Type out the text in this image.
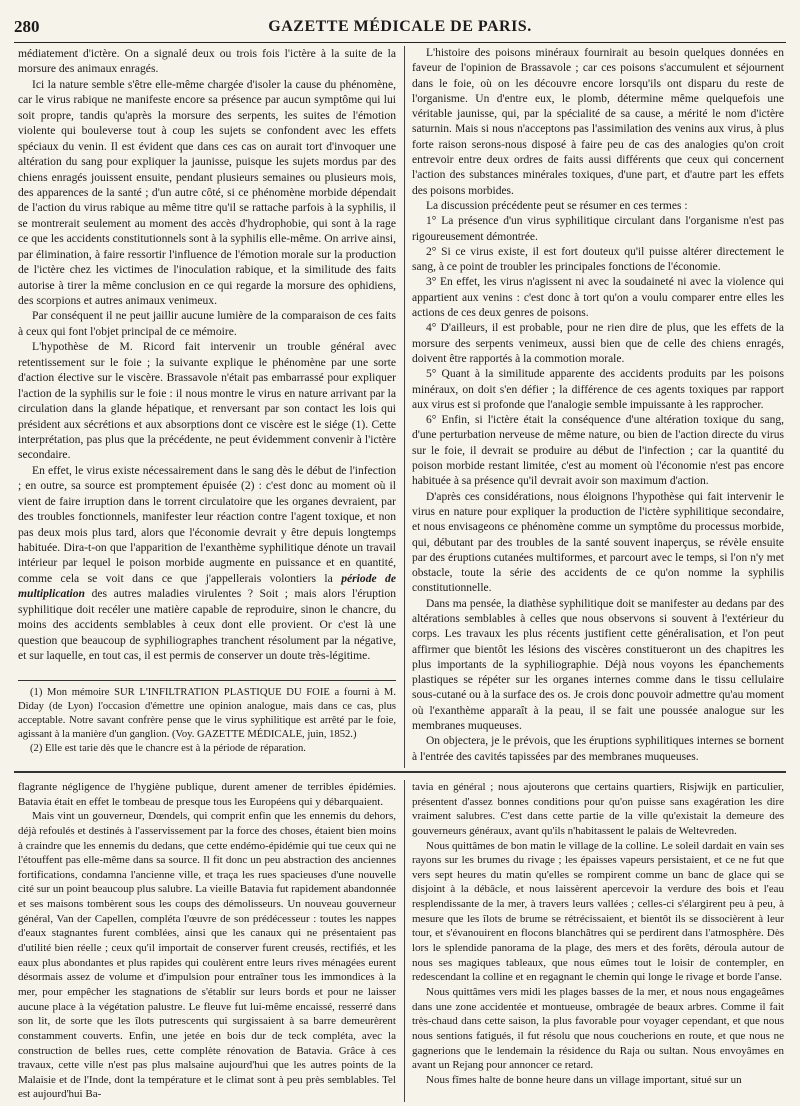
280	GAZETTE MÉDICALE DE PARIS.

médiatement d'ictère. On a signalé deux ou trois fois l'ictère à la suite de la morsure des animaux enragés.

Ici la nature semble s'être elle-même chargée d'isoler la cause du phénomène, car le virus rabique ne manifeste encore sa présence par aucun symptôme qui lui soit propre, tandis qu'après la morsure des serpents, les suites de l'émotion violente qui bouleverse tout à coup les sujets se confondent avec les effets spéciaux du venin. Il est évident que dans ces cas on aurait tort d'invoquer une altération du sang pour expliquer la jaunisse, puisque les sujets mordus par des chiens enragés jouissent ensuite, pendant plusieurs semaines ou plusieurs mois, des apparences de la santé ; d'un autre côté, si ce phénomène morbide dépendait de l'action du virus rabique au même titre qu'il se rattache parfois à la syphilis, il se montrerait seulement au moment des accès d'hydrophobie, qui sont à la rage ce que les accidents constitutionnels sont à la syphilis elle-même. On arrive ainsi, par élimination, à faire ressortir l'influence de l'émotion morale sur la production de l'ictère chez les victimes de l'inoculation rabique, et la similitude des faits autorise à tirer la même conclusion en ce qui regarde la morsure des ophidiens, des scorpions et autres animaux venimeux.

Par conséquent il ne peut jaillir aucune lumière de la comparaison de ces faits à ceux qui font l'objet principal de ce mémoire.

L'hypothèse de M. Ricord fait intervenir un trouble général avec retentissement sur le foie ; la suivante explique le phénomène par une sorte d'action élective sur le viscère. Brassavole n'était pas embarrassé pour expliquer l'action de la syphilis sur le foie : il nous montre le virus en nature arrivant par la circulation dans la glande hépatique, et renversant par son contact les lois qui président aux sécrétions et aux absorptions dont ce viscère est le siége (1). Cette interprétation, pas plus que la précédente, ne peut évidemment convenir à l'ictère secondaire.

En effet, le virus existe nécessairement dans le sang dès le début de l'infection ; en outre, sa source est promptement épuisée (2) : c'est donc au moment où il vient de faire irruption dans le torrent circulatoire que les organes devraient, par des troubles fonctionnels, manifester leur réaction contre l'agent toxique, et non pas deux mois plus tard, alors que l'économie devrait y être depuis longtemps habituée. Dira-t-on que l'apparition de l'exanthème syphilitique dénote un travail intérieur par lequel le poison morbide augmente en puissance et en quantité, comme cela se voit dans ce que j'appellerais volontiers la période de multiplication des autres maladies virulentes ? Soit ; mais alors l'éruption syphilitique doit recéler une matière capable de reproduire, sinon le chancre, du moins des accidents semblables à ceux dont elle provient. Or c'est là une question que beaucoup de syphiliographes tranchent résolument par la négative, et sur laquelle, en tout cas, il est permis de conserver un doute très-légitime.

(1) Mon mémoire SUR L'INFILTRATION PLASTIQUE DU FOIE a fourni à M. Diday (de Lyon) l'occasion d'émettre une opinion analogue, mais dans ce cas, plus acceptable. Notre savant confrère pense que le virus syphilitique est arrêté par le foie, agissant à la manière d'un ganglion. (Voy. GAZETTE MÉDICALE, juin, 1852.)

(2) Elle est tarie dès que le chancre est à la période de réparation.

L'histoire des poisons minéraux fournirait au besoin quelques données en faveur de l'opinion de Brassavole ; car ces poisons s'accumulent et séjournent dans le foie, où on les découvre encore lorsqu'ils ont disparu du reste de l'organisme. Un d'entre eux, le plomb, détermine même quelquefois une véritable jaunisse, qui, par la spécialité de sa cause, a mérité le nom d'ictère saturnin. Mais si nous n'acceptons pas l'assimilation des venins aux virus, à plus forte raison serons-nous disposé à faire peu de cas des analogies qu'on croit entrevoir entre deux ordres de faits aussi différents que ceux qui concernent l'action des substances minérales toxiques, d'une part, et d'autre part les effets des poisons morbides.

La discussion précédente peut se résumer en ces termes :

1° La présence d'un virus syphilitique circulant dans l'organisme n'est pas rigoureusement démontrée.

2° Si ce virus existe, il est fort douteux qu'il puisse altérer directement le sang, à ce point de troubler les principales fonctions de l'économie.

3° En effet, les virus n'agissent ni avec la soudaineté ni avec la violence qui appartient aux venins : c'est donc à tort qu'on a voulu comparer entre elles les actions de ces deux genres de poisons.

4° D'ailleurs, il est probable, pour ne rien dire de plus, que les effets de la morsure des serpents venimeux, aussi bien que de celle des chiens enragés, doivent être rapportés à la commotion morale.

5° Quant à la similitude apparente des accidents produits par les poisons minéraux, on doit s'en défier ; la différence de ces agents toxiques par rapport aux virus est si profonde que l'analogie semble impuissante à les rapprocher.

6° Enfin, si l'ictère était la conséquence d'une altération toxique du sang, d'une perturbation nerveuse de même nature, ou bien de l'action directe du virus sur le foie, il devrait se produire au début de l'infection ; car la quantité du poison morbide restant limitée, c'est au moment où l'économie n'est pas encore habituée à sa présence qu'il devrait avoir son maximum d'action.

D'après ces considérations, nous éloignons l'hypothèse qui fait intervenir le virus en nature pour expliquer la production de l'ictère syphilitique secondaire, et nous envisageons ce phénomène comme un symptôme du processus morbide, qui, débutant par des troubles de la santé souvent inaperçus, se révèle ensuite par des éruptions cutanées multiformes, et parcourt avec le temps, si l'on n'y met obstacle, toute la série des accidents de ce qu'on nomme la syphilis constitutionnelle.

Dans ma pensée, la diathèse syphilitique doit se manifester au dedans par des altérations semblables à celles que nous observons si souvent à l'extérieur du corps. Les travaux les plus récents justifient cette généralisation, et l'on peut affirmer que bientôt les lésions des viscères constitueront un des chapitres les plus importants de la syphiliographie. Déjà nous voyons les épanchements plastiques se répéter sur les organes internes comme dans le tissu cellulaire sous-cutané ou à la surface des os. Je crois donc pouvoir admettre qu'au moment où l'exanthème apparaît à la peau, il se fait une poussée analogue sur les membranes muqueuses.

On objectera, je le prévois, que les éruptions syphilitiques internes se bornent à l'entrée des cavités tapissées par des membranes muqueuses.

flagrante négligence de l'hygiène publique, durent amener de terribles épidémies. Batavia était en effet le tombeau de presque tous les Européens qui y débarquaient.

Mais vint un gouverneur, Dœndels, qui comprit enfin que les ennemis du dehors, déjà refoulés et destinés à l'asservissement par la force des choses, étaient bien moins à craindre que les ennemis du dedans, que cette endémo-épidémie qui tue ceux qui ne l'étouffent pas elle-même dans sa source. Il fit donc un peu abstraction des anciennes fortifications, condamna l'ancienne ville, et traça les rues spacieuses d'une nouvelle cité sur un point beaucoup plus salubre. La vieille Batavia fut rapidement abandonnée et ses maisons tombèrent sous les coups des démolisseurs. Un nouveau gouverneur général, Van der Capellen, compléta l'œuvre de son prédécesseur : toutes les nappes d'eaux stagnantes furent comblées, ainsi que les canaux qui ne présentaient pas d'utilité bien réelle ; ceux qu'il importait de conserver furent creusés, rectifiés, et les eaux plus abondantes et plus rapides qui coulèrent entre leurs rives ménagées eurent désormais assez de volume et d'impulsion pour entraîner tous les immondices à la mer, pour empêcher les stagnations de s'établir sur leurs bords et pour ne laisser aucune place à la végétation palustre. Le fleuve fut lui-même encaissé, resserré dans son lit, de sorte que les îlots putrescents qui surgissaient à sa barre demeurèrent constamment couverts. Enfin, une jetée en bois dur de teck compléta, avec la construction de belles rues, cette complète rénovation de Batavia. Grâce à ces travaux, cette ville n'est pas plus malsaine aujourd'hui que les autres points de la Malaisie et de l'Inde, dont la température et le climat sont à peu près semblables. Tel est aujourd'hui Ba-

tavia en général ; nous ajouterons que certains quartiers, Risjwijk en particulier, présentent d'assez bonnes conditions pour qu'on puisse sans exagération les dire vraiment salubres. C'est dans cette partie de la ville qu'existait la demeure des gouverneurs généraux, avant qu'ils n'habitassent le palais de Weltevreden.

Nous quittâmes de bon matin le village de la colline. Le soleil dardait en vain ses rayons sur les brumes du rivage ; les épaisses vapeurs persistaient, et ce ne fut que vers sept heures du matin qu'elles se rompirent comme un banc de glace qui se disjoint à la débâcle, et nous laissèrent apercevoir la verdure des bois et l'eau resplendissante de la mer, à travers leurs vallées ; celles-ci s'élargirent peu à peu, à mesure que les îlots de brume se rétrécissaient, et bientôt ils se dissocièrent à leur tour, et s'évanouirent en flocons blanchâtres qui se perdirent dans l'atmosphère. Dès lors le splendide panorama de la plage, des mers et des forêts, déroula autour de nous ses magiques tableaux, que nous eûmes tout le loisir de contempler, en redescendant la colline et en regagnant le chemin qui longe le rivage et borde l'anse.

Nous quittâmes vers midi les plages basses de la mer, et nous nous engageâmes dans une zone accidentée et montueuse, ombragée de beaux arbres. Comme il fait très-chaud dans cette saison, la plus favorable pour voyager cependant, et que nous nous sentions fatigués, il fut résolu que nous coucherions en route, et que nous ne gagnerions que le lendemain la résidence du Raja ou sultan. Nous envoyâmes en avant un Rejang pour annoncer ce retard.

Nous fîmes halte de bonne heure dans un village important, situé sur un
